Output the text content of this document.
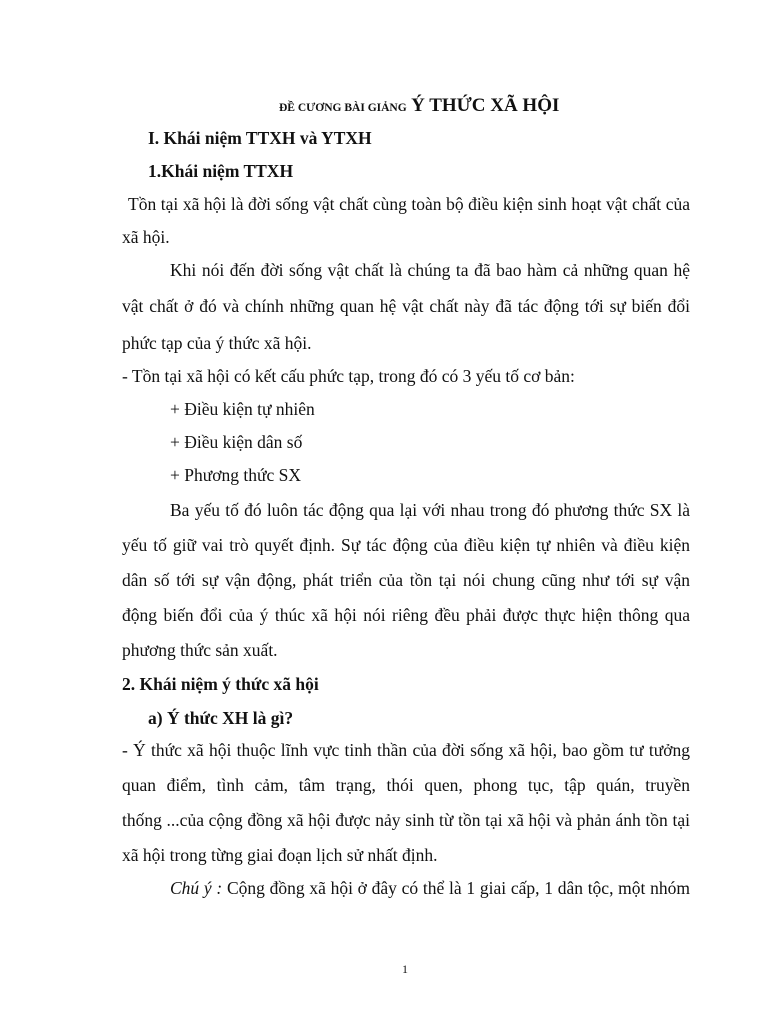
ĐỀ CƯƠNG BÀI GIẢNG Ý THỨC XÃ HỘI
I. Khái niệm TTXH và YTXH
1.Khái niệm TTXH
Tồn tại xã hội là đời sống vật chất cùng toàn bộ điều kiện sinh hoạt vật chất của
xã hội.
Khi nói đến đời sống vật chất là chúng ta đã bao hàm cả những quan hệ
vật chất ở đó và chính những quan hệ vật chất này đã tác động tới sự biến đổi
phức tạp của ý thức xã hội.
- Tồn tại xã hội có kết cấu phức tạp, trong đó có 3 yếu tố cơ bản:
+ Điều kiện tự nhiên
+ Điều kiện dân số
+ Phương thức SX
Ba yếu tố đó luôn tác động qua lại với nhau trong đó phương thức SX là
yếu tố giữ vai trò quyết định. Sự tác động của điều kiện tự nhiên và điều kiện
dân số tới sự vận động, phát triển của tồn tại nói chung cũng như tới sự vận
động biến đổi của ý thúc xã hội nói riêng đều phải được thực hiện thông qua
phương thức sản xuất.
2. Khái niệm ý thức xã hội
a) Ý thức XH là gì?
- Ý thức xã hội thuộc lĩnh vực tinh thần của đời sống xã hội, bao gồm tư tưởng
quan điểm, tình cảm, tâm trạng, thói quen, phong tục, tập quán, truyền
thống ...của cộng đồng xã hội được nảy sinh từ tồn tại xã hội và phản ánh tồn tại
xã hội trong từng giai đoạn lịch sử nhất định.
Chú ý : Cộng đồng xã hội ở đây có thể là 1 giai cấp, 1 dân tộc, một nhóm
1
